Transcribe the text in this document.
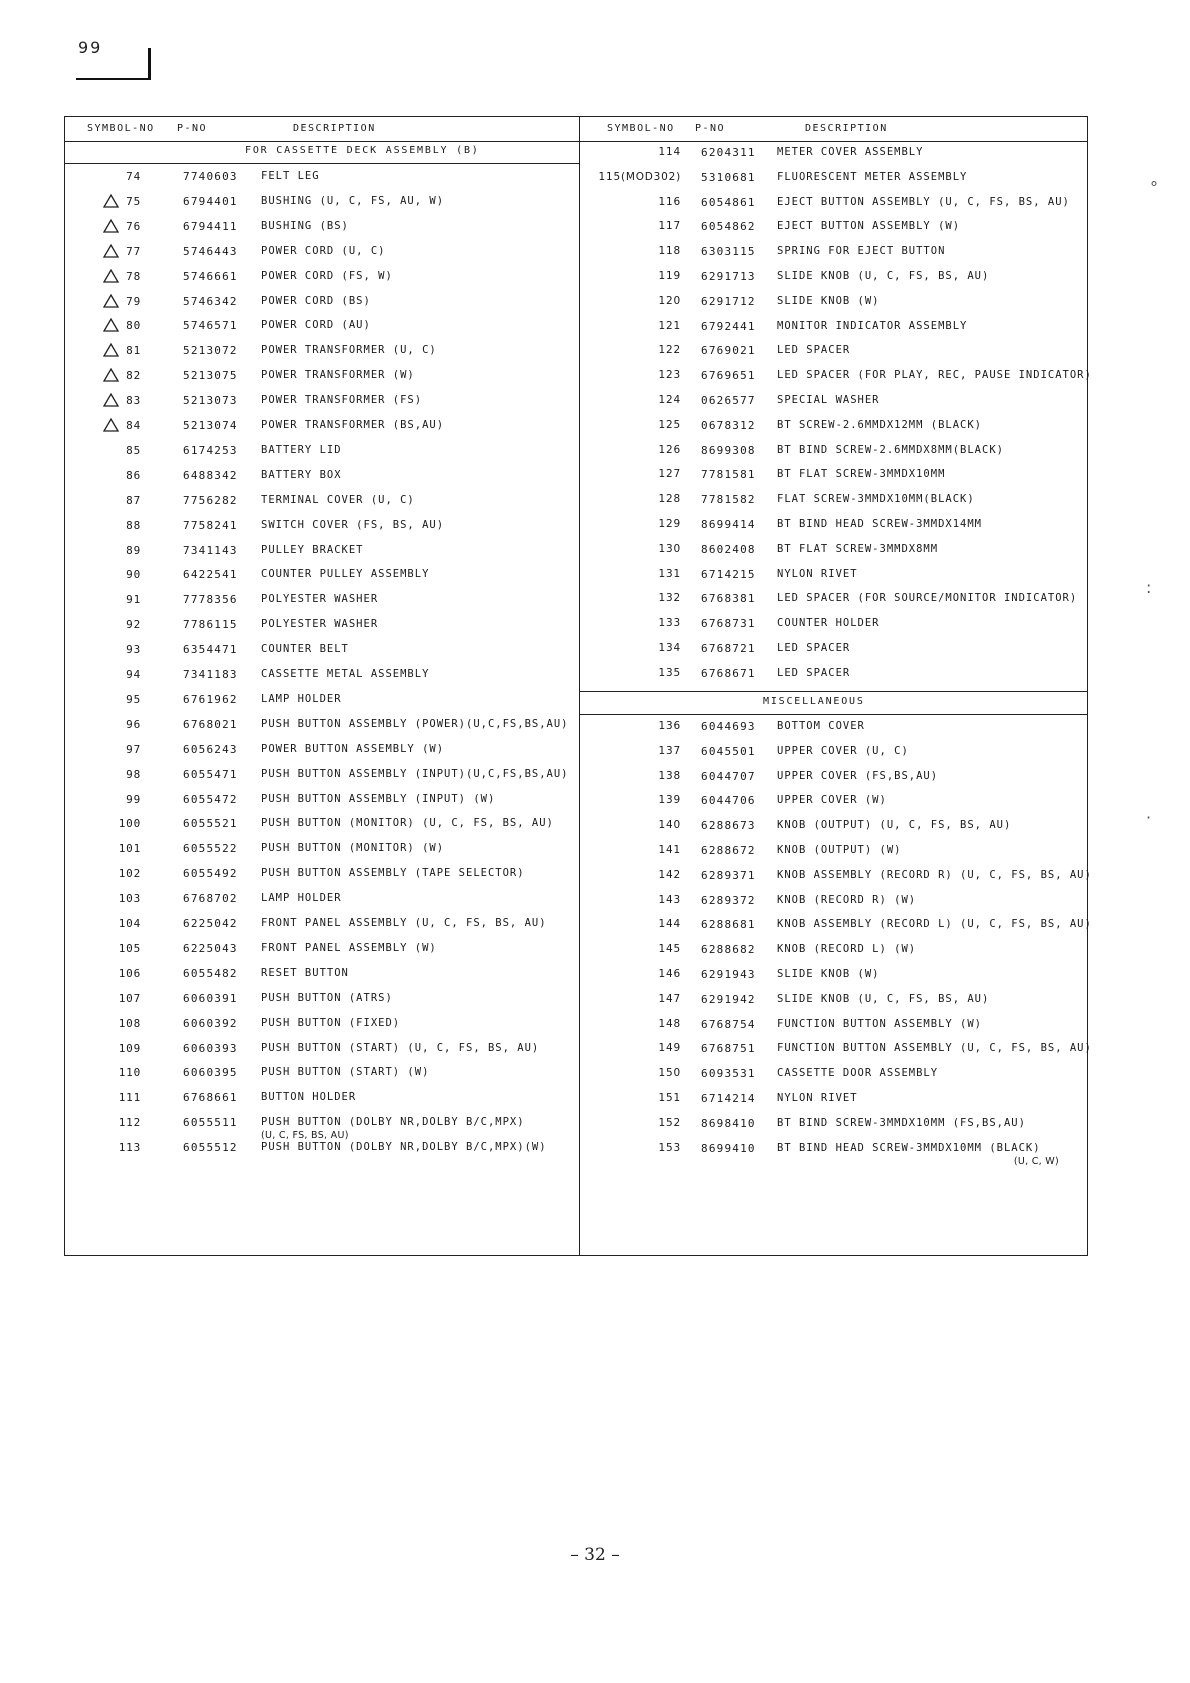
99
SYMBOL-NO P-NO	DESCRIPTION
FOR CASSETTE DECK ASSEMBLY (B)
74	7740603 FELT LEG
75	6794401 BUSHING (U, C, FS, AU, W)
76	6794411 BUSHING (BS)
77	5746443 POWER CORD (U, C)
78	5746661 POWER CORD (FS, W)
79	5746342 POWER CORD (BS)
80	5746571 POWER CORD (AU)
81	5213072 POWER TRANSFORMER (U, C)
82	5213075 POWER TRANSFORMER (W)
83	5213073 POWER TRANSFORMER (FS)
84	5213074 POWER TRANSFORMER (BS,AU)
85	6174253 BATTERY LID
86	6488342 BATTERY BOX
87	7756282 TERMINAL COVER (U, C)
88	7758241 SWITCH COVER (FS, BS, AU)
89	7341143 PULLEY BRACKET
90	6422541 COUNTER PULLEY ASSEMBLY
91	7778356 POLYESTER WASHER
92	7786115 POLYESTER WASHER
93	6354471 COUNTER BELT
94	7341183 CASSETTE METAL ASSEMBLY
95	6761962 LAMP HOLDER
96	6768021 PUSH BUTTON ASSEMBLY (POWER)(U,C,FS,BS,AU)
97	6056243 POWER BUTTON ASSEMBLY (W)
98	6055471 PUSH BUTTON ASSEMBLY (INPUT)(U,C,FS,BS,AU)
99	6055472 PUSH BUTTON ASSEMBLY (INPUT) (W)
100	6055521 PUSH BUTTON (MONITOR) (U, C, FS, BS, AU)
101	6055522 PUSH BUTTON (MONITOR) (W)
102	6055492 PUSH BUTTON ASSEMBLY (TAPE SELECTOR)
103	6768702 LAMP HOLDER
104	6225042 FRONT PANEL ASSEMBLY (U, C, FS, BS, AU)
105	6225043 FRONT PANEL ASSEMBLY (W)
106	6055482 RESET BUTTON
107	6060391 PUSH BUTTON (ATRS)
108	6060392 PUSH BUTTON (FIXED)
109	6060393 PUSH BUTTON (START) (U, C, FS, BS, AU)
110	6060395 PUSH BUTTON (START) (W)
111	6768661 BUTTON HOLDER
112	6055511 PUSH BUTTON (DOLBY NR,DOLBY B/C,MPX)
(U, C, FS, BS, AU)
113	6055512 PUSH BUTTON (DOLBY NR,DOLBY B/C,MPX)(W)
SYMBOL-NO P-NO	DESCRIPTION
114 6204311 METER COVER ASSEMBLY
115(MOD302) 5310681 FLUORESCENT METER ASSEMBLY
116 6054861 EJECT BUTTON ASSEMBLY (U, C, FS, BS, AU)
117 6054862 EJECT BUTTON ASSEMBLY (W)
118 6303115 SPRING FOR EJECT BUTTON
119 6291713 SLIDE KNOB (U, C, FS, BS, AU)
120 6291712 SLIDE KNOB (W)
121 6792441 MONITOR INDICATOR ASSEMBLY
122 6769021 LED SPACER
123 6769651 LED SPACER (FOR PLAY, REC, PAUSE INDICATOR)
124 0626577 SPECIAL WASHER
125 0678312 BT SCREW-2.6MMDX12MM (BLACK)
126 8699308 BT BIND SCREW-2.6MMDX8MM(BLACK)
127 7781581 BT FLAT SCREW-3MMDX10MM
128 7781582 FLAT SCREW-3MMDX10MM(BLACK)
129 8699414 BT BIND HEAD SCREW-3MMDX14MM
130 8602408 BT FLAT SCREW-3MMDX8MM
131 6714215 NYLON RIVET
132 6768381 LED SPACER (FOR SOURCE/MONITOR INDICATOR)
133 6768731 COUNTER HOLDER
134 6768721 LED SPACER
135 6768671 LED SPACER
MISCELLANEOUS
136 6044693 BOTTOM COVER
137 6045501 UPPER COVER (U, C)
138 6044707 UPPER COVER (FS,BS,AU)
139 6044706 UPPER COVER (W)
140 6288673 KNOB (OUTPUT) (U, C, FS, BS, AU)
141 6288672 KNOB (OUTPUT) (W)
142 6289371 KNOB ASSEMBLY (RECORD R) (U, C, FS, BS, AU)
143 6289372 KNOB (RECORD R) (W)
144 6288681 KNOB ASSEMBLY (RECORD L) (U, C, FS, BS, AU)
145 6288682 KNOB (RECORD L) (W)
146 6291943 SLIDE KNOB (W)
147 6291942 SLIDE KNOB (U, C, FS, BS, AU)
148 6768754 FUNCTION BUTTON ASSEMBLY (W)
149 6768751 FUNCTION BUTTON ASSEMBLY (U, C, FS, BS, AU)
150 6093531 CASSETTE DOOR ASSEMBLY
151 6714214 NYLON RIVET
152 8698410 BT BIND SCREW-3MMDX10MM (FS,BS,AU)
153 8699410 BT BIND HEAD SCREW-3MMDX10MM (BLACK)
(U, C, W)
– 32 –
°
:
·
